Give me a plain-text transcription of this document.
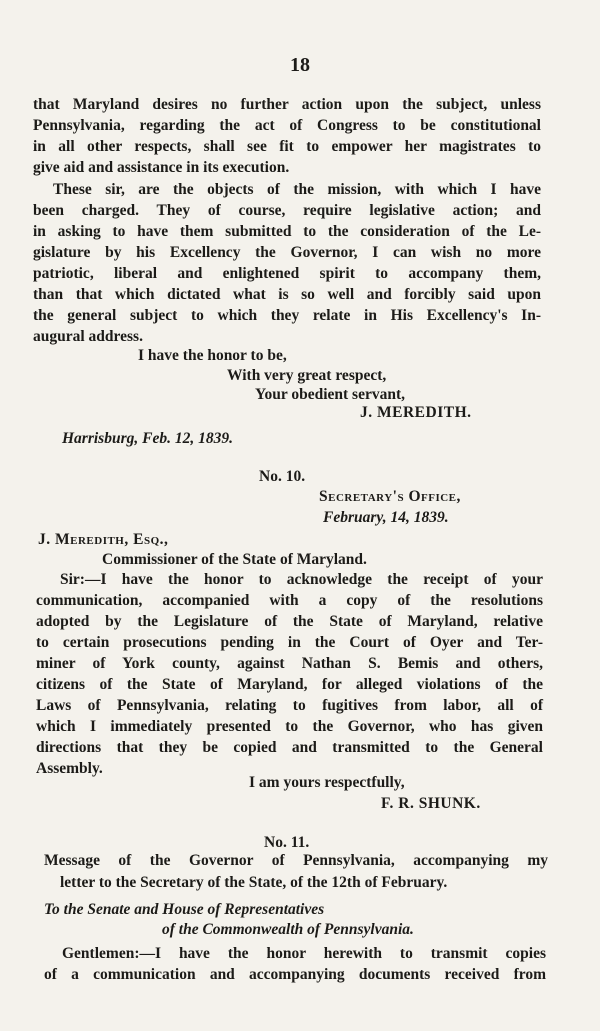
18
that Maryland desires no further action upon the subject, unless
Pennsylvania, regarding the act of Congress to be constitutional
in all other respects, shall see fit to empower her magistrates to
give aid and assistance in its execution.
These sir, are the objects of the mission, with which I have
been charged. They of course, require legislative action; and
in asking to have them submitted to the consideration of the Le-
gislature by his Excellency the Governor, I can wish no more
patriotic, liberal and enlightened spirit to accompany them,
than that which dictated what is so well and forcibly said upon
the general subject to which they relate in His Excellency's In-
augural address.
I have the honor to be,
With very great respect,
Your obedient servant,
J. MEREDITH.
Harrisburg, Feb. 12, 1839.
No. 10.
Secretary's Office,
February, 14, 1839.
J. Meredith, Esq.,
Commissioner of the State of Maryland.
Sir:—I have the honor to acknowledge the receipt of your
communication, accompanied with a copy of the resolutions
adopted by the Legislature of the State of Maryland, relative
to certain prosecutions pending in the Court of Oyer and Ter-
miner of York county, against Nathan S. Bemis and others,
citizens of the State of Maryland, for alleged violations of the
Laws of Pennsylvania, relating to fugitives from labor, all of
which I immediately presented to the Governor, who has given
directions that they be copied and transmitted to the General
Assembly.
I am yours respectfully,
F. R. SHUNK.
No. 11.
Message of the Governor of Pennsylvania, accompanying my
letter to the Secretary of the State, of the 12th of February.
To the Senate and House of Representatives
of the Commonwealth of Pennsylvania.
Gentlemen:—I have the honor herewith to transmit copies
of a communication and accompanying documents received from
